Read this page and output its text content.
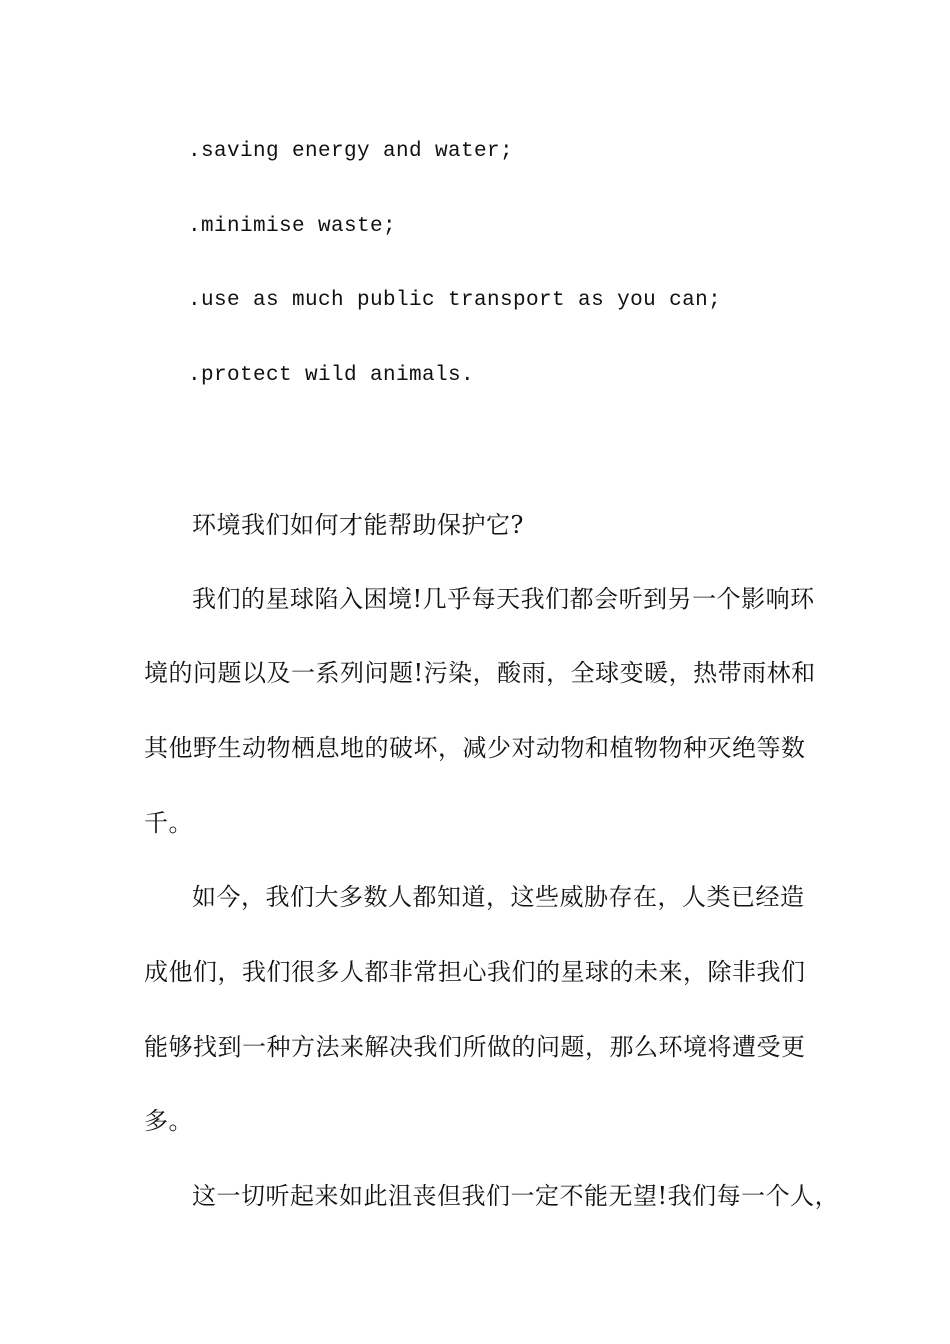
.saving energy and water;
.minimise waste;
.use as much public transport as you can;
.protect wild animals.
环境我们如何才能帮助保护它?
我们的星球陷入困境!几乎每天我们都会听到另一个影响环
境的问题以及一系列问题!污染，酸雨，全球变暖，热带雨林和
其他野生动物栖息地的破坏，减少对动物和植物物种灭绝等数
千。
如今，我们大多数人都知道，这些威胁存在，人类已经造
成他们，我们很多人都非常担心我们的星球的未来，除非我们
能够找到一种方法来解决我们所做的问题，那么环境将遭受更
多。
这一切听起来如此沮丧但我们一定不能无望!我们每一个人，
